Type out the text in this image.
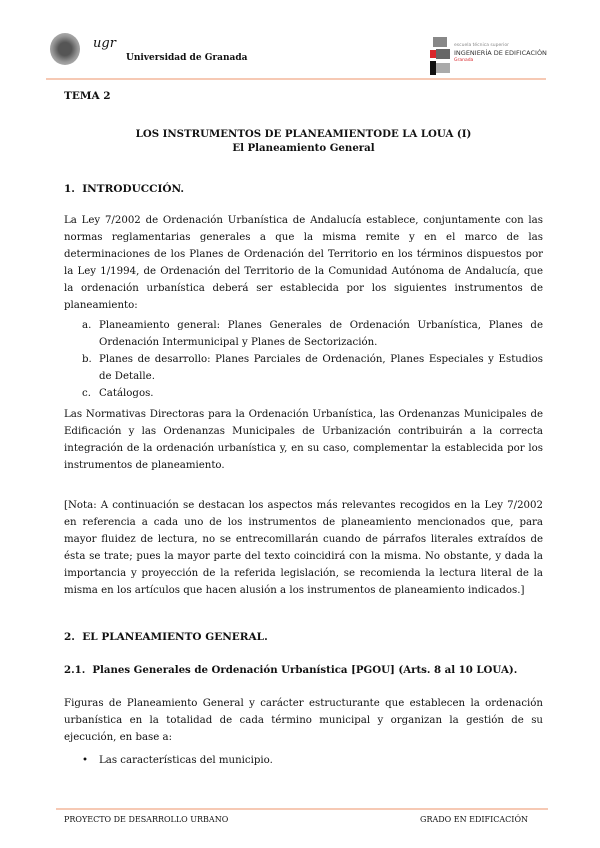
ugr
Universidad de Granada
escuela técnica superior
INGENIERÍA DE EDIFICACIÓN
Granada
TEMA 2
LOS INSTRUMENTOS DE PLANEAMIENTODE LA LOUA (I)
El Planeamiento General
1.  INTRODUCCIÓN.
La Ley 7/2002 de Ordenación Urbanística de Andalucía establece, conjuntamente con las normas reglamentarias generales a que la misma remite y en el marco de las determinaciones de los Planes de Ordenación del Territorio en los términos dispuestos por la Ley 1/1994, de Ordenación del Territorio de la Comunidad Autónoma de Andalucía, que la ordenación urbanística deberá ser establecida por los siguientes instrumentos de planeamiento:
a. Planeamiento general: Planes Generales de Ordenación Urbanística, Planes de Ordenación Intermunicipal y Planes de Sectorización.
b. Planes de desarrollo: Planes Parciales de Ordenación, Planes Especiales y Estudios de Detalle.
c. Catálogos.
Las Normativas Directoras para la Ordenación Urbanística, las Ordenanzas Municipales de Edificación y las Ordenanzas Municipales de Urbanización contribuirán a la correcta integración de la ordenación urbanística y, en su caso, complementar la establecida por los instrumentos de planeamiento.
[Nota: A continuación se destacan los aspectos más relevantes recogidos en la Ley 7/2002 en referencia a cada uno de los instrumentos de planeamiento mencionados que, para mayor fluidez de lectura, no se entrecomillarán cuando de párrafos literales extraídos de ésta se trate; pues la mayor parte del texto coincidirá con la misma. No obstante, y dada la importancia y proyección de la referida legislación, se recomienda la lectura literal de la misma en los artículos que hacen alusión a los instrumentos de planeamiento indicados.]
2.  EL PLANEAMIENTO GENERAL.
2.1.  Planes Generales de Ordenación Urbanística [PGOU] (Arts. 8 al 10 LOUA).
Figuras de Planeamiento General y carácter estructurante que establecen la ordenación urbanística en la totalidad de cada término municipal y organizan la gestión de su ejecución, en base a:
• Las características del municipio.
PROYECTO DE DESARROLLO URBANO	GRADO EN EDIFICACIÓN
